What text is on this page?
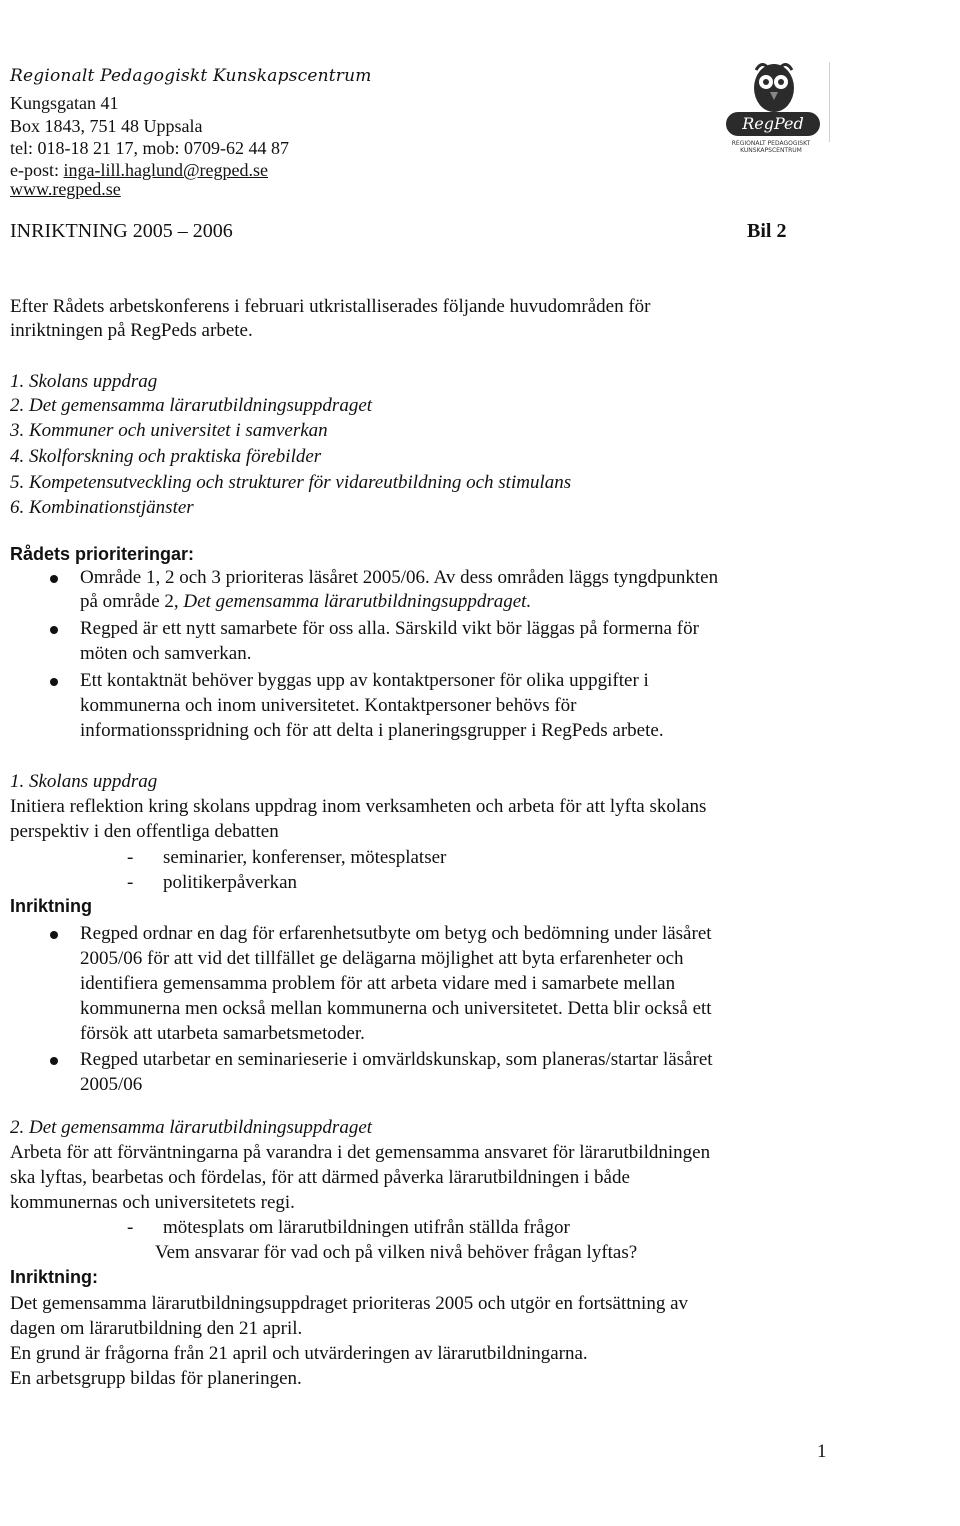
Regionalt Pedagogiskt Kunskapscentrum
Kungsgatan 41
Box 1843, 751 48 Uppsala
tel: 018-18 21 17, mob: 0709-62 44 87
e-post: inga-lill.haglund@regped.se
www.regped.se
RegPed
REGIONALT PEDAGOGISKT
KUNSKAPSCENTRUM
INRIKTNING 2005 – 2006	Bil 2
Efter Rådets arbetskonferens i februari utkristalliserades följande huvudområden för
inriktningen på RegPeds arbete.
1. Skolans uppdrag
2. Det gemensamma lärarutbildningsuppdraget
3. Kommuner och universitet i samverkan
4. Skolforskning och praktiska förebilder
5. Kompetensutveckling och strukturer för vidareutbildning och stimulans
6. Kombinationstjänster
Rådets prioriteringar:
Område 1, 2 och 3 prioriteras läsåret 2005/06. Av dess områden läggs tyngdpunkten
på område 2, Det gemensamma lärarutbildningsuppdraget.
Regped är ett nytt samarbete för oss alla. Särskild vikt bör läggas på formerna för
möten och samverkan.
Ett kontaktnät behöver byggas upp av kontaktpersoner för olika uppgifter i
kommunerna och inom universitetet. Kontaktpersoner behövs för
informationsspridning och för att delta i planeringsgrupper i RegPeds arbete.
1. Skolans uppdrag
Initiera reflektion kring skolans uppdrag inom verksamheten och arbeta för att lyfta skolans
perspektiv i den offentliga debatten
- seminarier, konferenser, mötesplatser
- politikerpåverkan
Inriktning
Regped ordnar en dag för erfarenhetsutbyte om betyg och bedömning under läsåret
2005/06 för att vid det tillfället ge delägarna möjlighet att byta erfarenheter och
identifiera gemensamma problem för att arbeta vidare med i samarbete mellan
kommunerna men också mellan kommunerna och universitetet. Detta blir också ett
försök att utarbeta samarbetsmetoder.
Regped utarbetar en seminarieserie i omvärldskunskap, som planeras/startar läsåret
2005/06
2. Det gemensamma lärarutbildningsuppdraget
Arbeta för att förväntningarna på varandra i det gemensamma ansvaret för lärarutbildningen
ska lyftas, bearbetas och fördelas, för att därmed påverka lärarutbildningen i både
kommunernas och universitetets regi.
- mötesplats om lärarutbildningen utifrån ställda frågor
Vem ansvarar för vad och på vilken nivå behöver frågan lyftas?
Inriktning:
Det gemensamma lärarutbildningsuppdraget prioriteras 2005 och utgör en fortsättning av
dagen om lärarutbildning den 21 april.
En grund är frågorna från 21 april och utvärderingen av lärarutbildningarna.
En arbetsgrupp bildas för planeringen.
1
